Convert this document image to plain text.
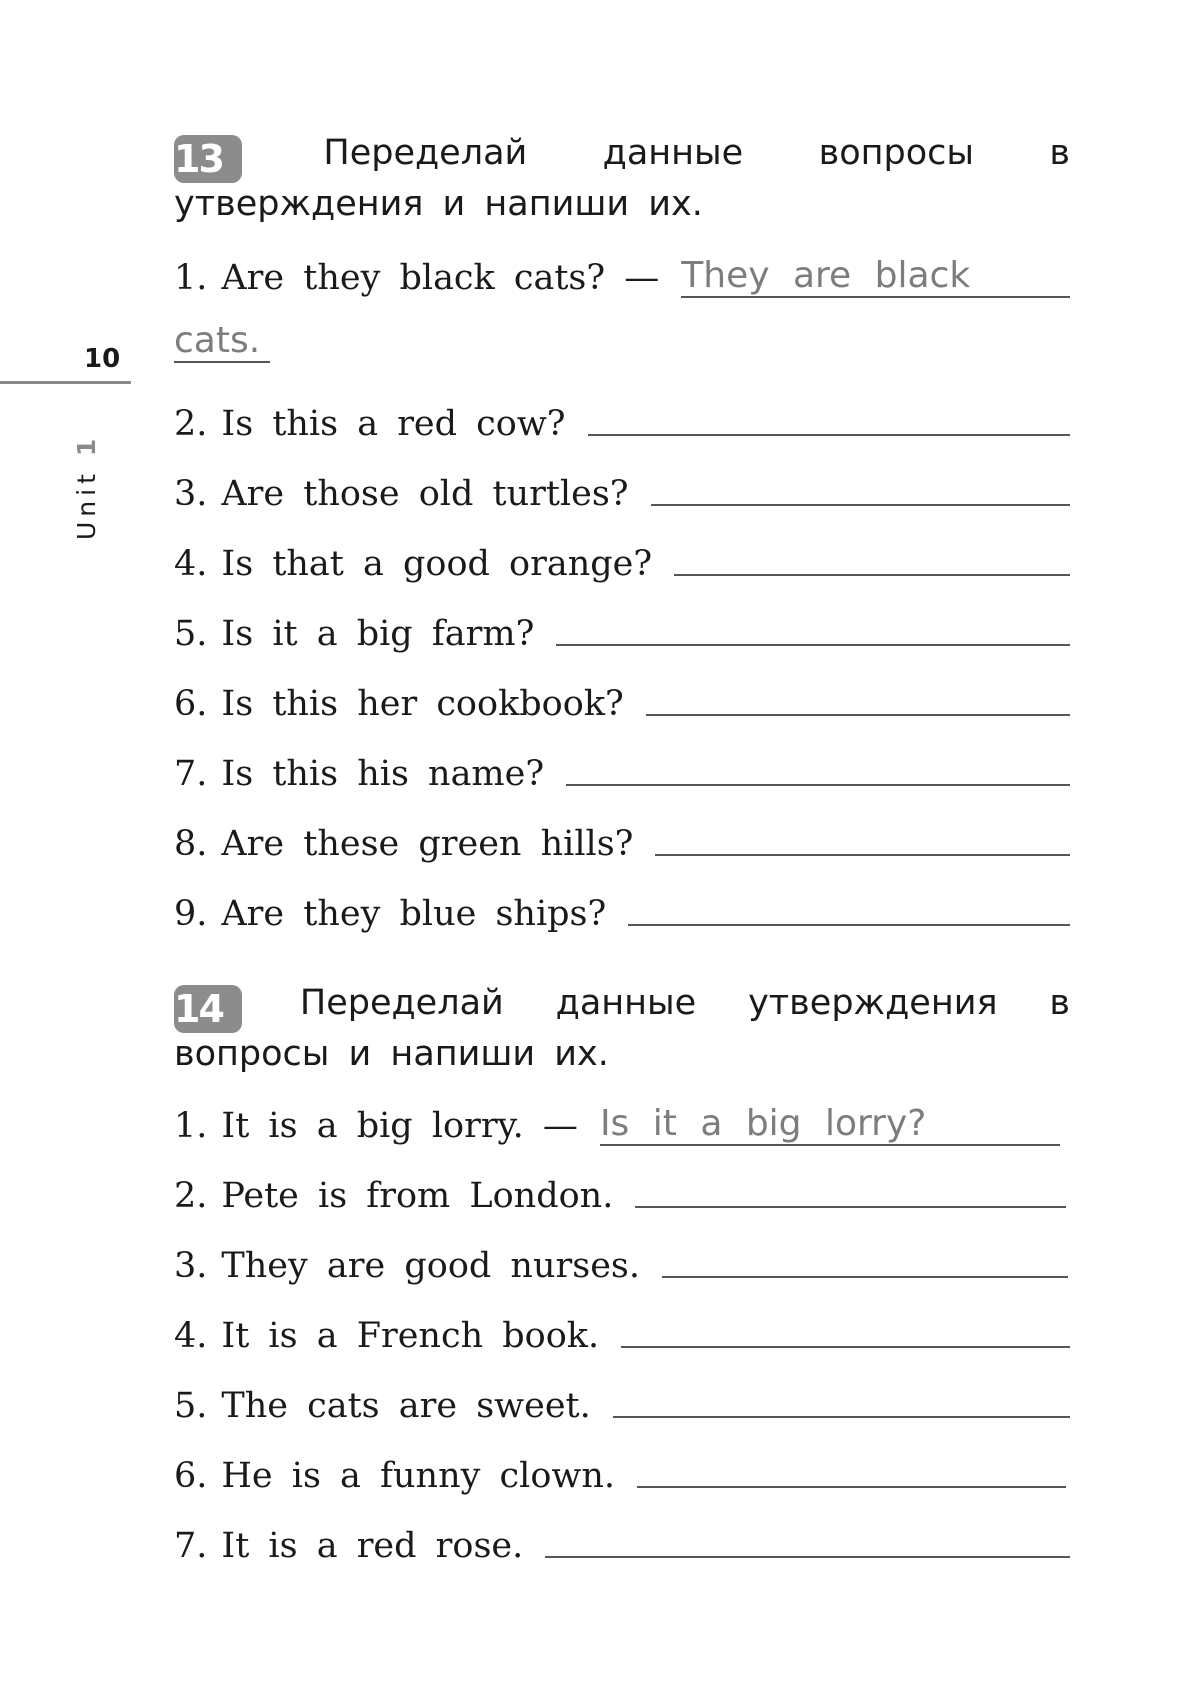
10
Unit 1
13	Переделай данные вопросы в утверждения и напиши их.
1. Are they black cats? — They are black
cats.
2. Is this a red cow?
3. Are those old turtles?
4. Is that a good orange?
5. Is it a big farm?
6. Is this her cookbook?
7. Is this his name?
8. Are these green hills?
9. Are they blue ships?
14 Переделай данные утверждения в вопросы и напиши их.
1. It is a big lorry. — Is it a big lorry?
2. Pete is from London.
3. They are good nurses.
4. It is a French book.
5. The cats are sweet.
6. He is a funny clown.
7. It is a red rose.
